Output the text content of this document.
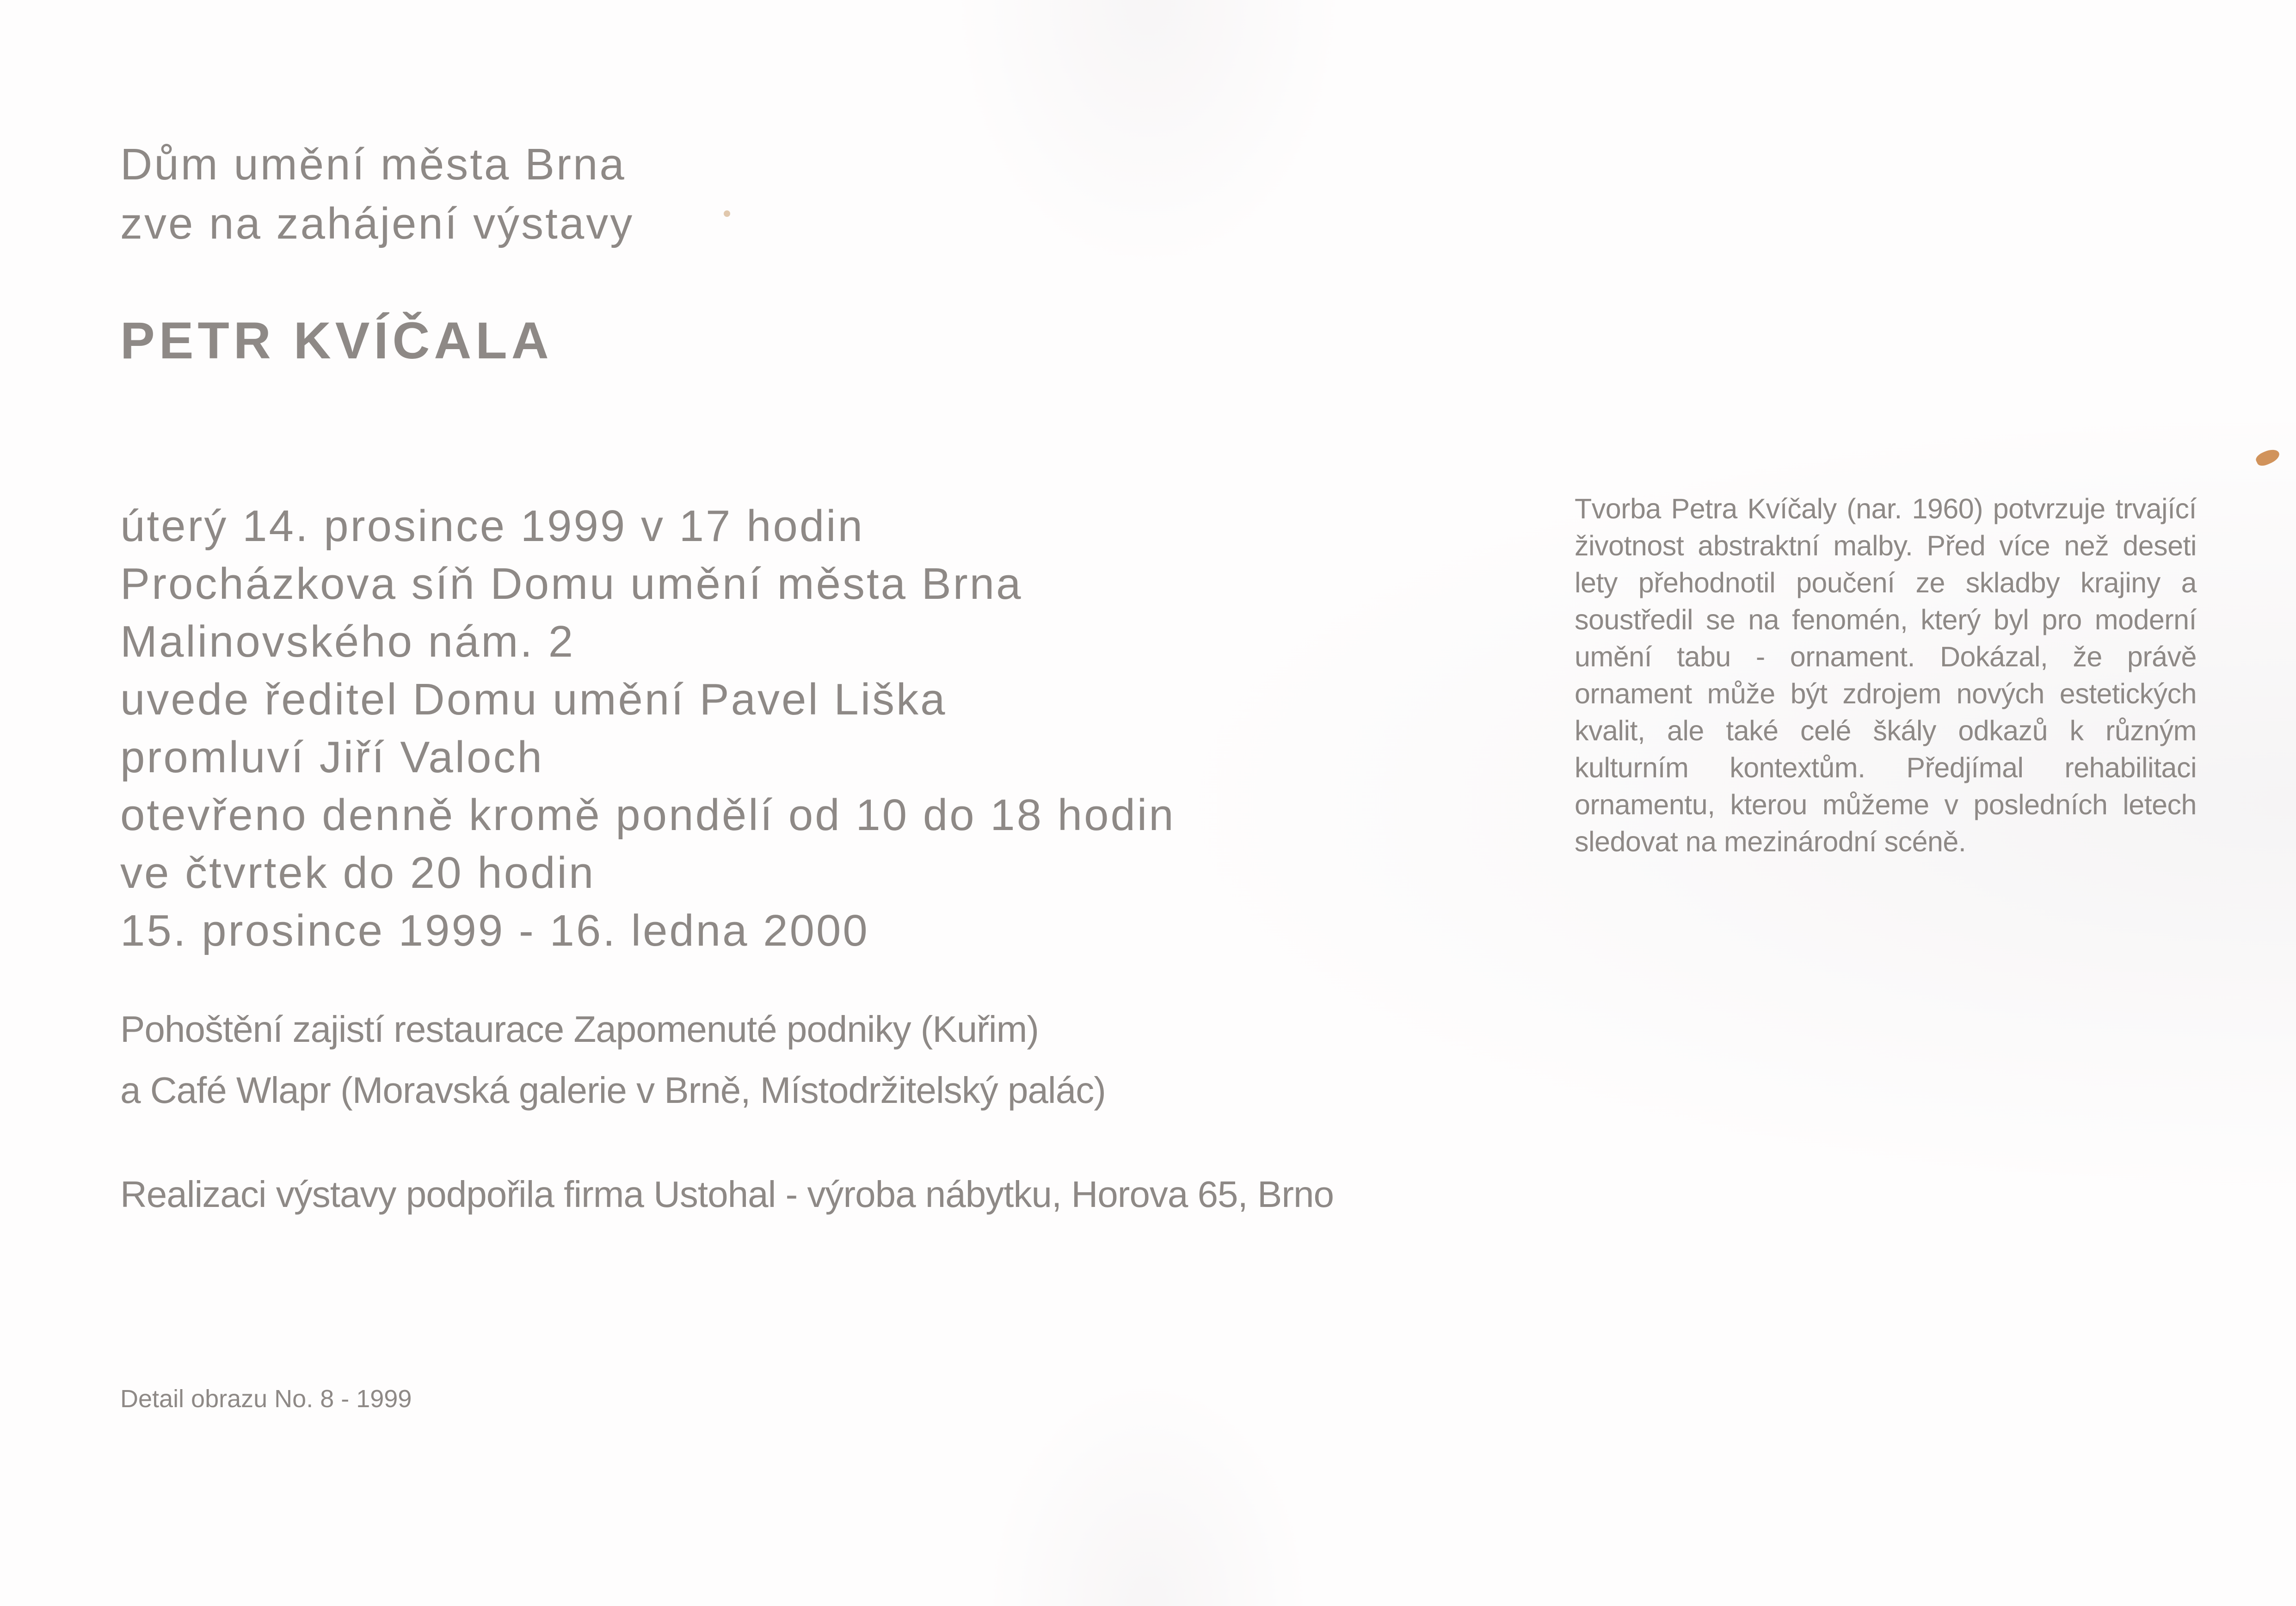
Dům umění města Brna
zve na zahájení výstavy
PETR KVÍČALA
úterý 14. prosince 1999 v 17 hodin
Procházkova síň Domu umění města Brna
Malinovského nám. 2
uvede ředitel Domu umění Pavel Liška
promluví Jiří Valoch
otevřeno denně kromě pondělí od 10 do 18 hodin
ve čtvrtek do 20 hodin
15. prosince 1999 - 16. ledna 2000
Pohoštění zajistí restaurace Zapomenuté podniky (Kuřim)
a Café Wlapr (Moravská galerie v Brně, Místodržitelský palác)
Realizaci výstavy podpořila firma Ustohal - výroba nábytku, Horova 65, Brno
Detail obrazu No. 8 - 1999
Tvorba Petra Kvíčaly (nar. 1960) potvrzuje trvající životnost abstraktní malby. Před více než deseti lety přehodnotil poučení ze skladby krajiny a soustředil se na fenomén, který byl pro moderní umění tabu - ornament. Dokázal, že právě ornament může být zdrojem nových estetických kvalit, ale také celé škály odkazů k různým kulturním kontextům. Předjímal rehabilitaci ornamentu, kterou můžeme v posledních letech sledovat na mezinárodní scéně.
